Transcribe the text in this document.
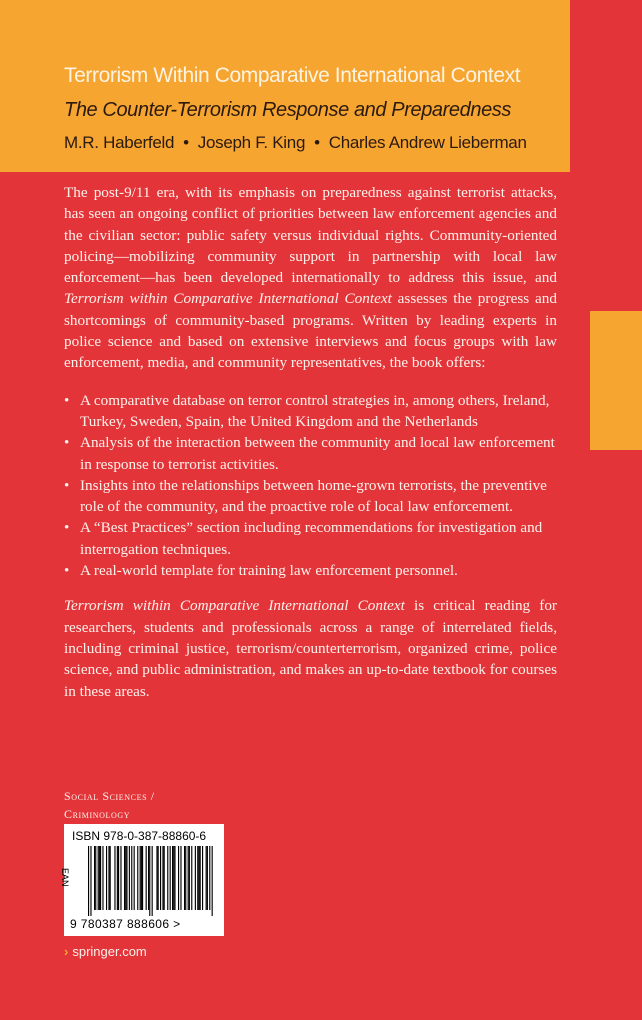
Terrorism Within Comparative International Context
The Counter-Terrorism Response and Preparedness
M.R. Haberfeld • Joseph F. King • Charles Andrew Lieberman

The post-9/11 era, with its emphasis on preparedness against terrorist attacks, has seen an ongoing conflict of priorities between law enforcement agencies and the civilian sector: public safety versus individual rights. Community-oriented policing—mobilizing community support in partnership with local law enforcement—has been developed internationally to address this issue, and Terrorism within Comparative International Context assesses the progress and shortcomings of community-based programs. Written by leading experts in police science and based on extensive interviews and focus groups with law enforcement, media, and community representatives, the book offers:

• A comparative database on terror control strategies in, among others, Ireland, Turkey, Sweden, Spain, the United Kingdom and the Netherlands
• Analysis of the interaction between the community and local law enforcement in response to terrorist activities.
• Insights into the relationships between home-grown terrorists, the preventive role of the community, and the proactive role of local law enforcement.
• A “Best Practices” section including recommendations for investigation and interrogation techniques.
• A real-world template for training law enforcement personnel.

Terrorism within Comparative International Context is critical reading for researchers, students and professionals across a range of interrelated fields, including criminal justice, terrorism/counterterrorism, organized crime, police science, and public administration, and makes an up-to-date textbook for courses in these areas.

Social Sciences /
Criminology
ISBN 978-0-387-88860-6
EAN
9 780387 888606 >
› springer.com
